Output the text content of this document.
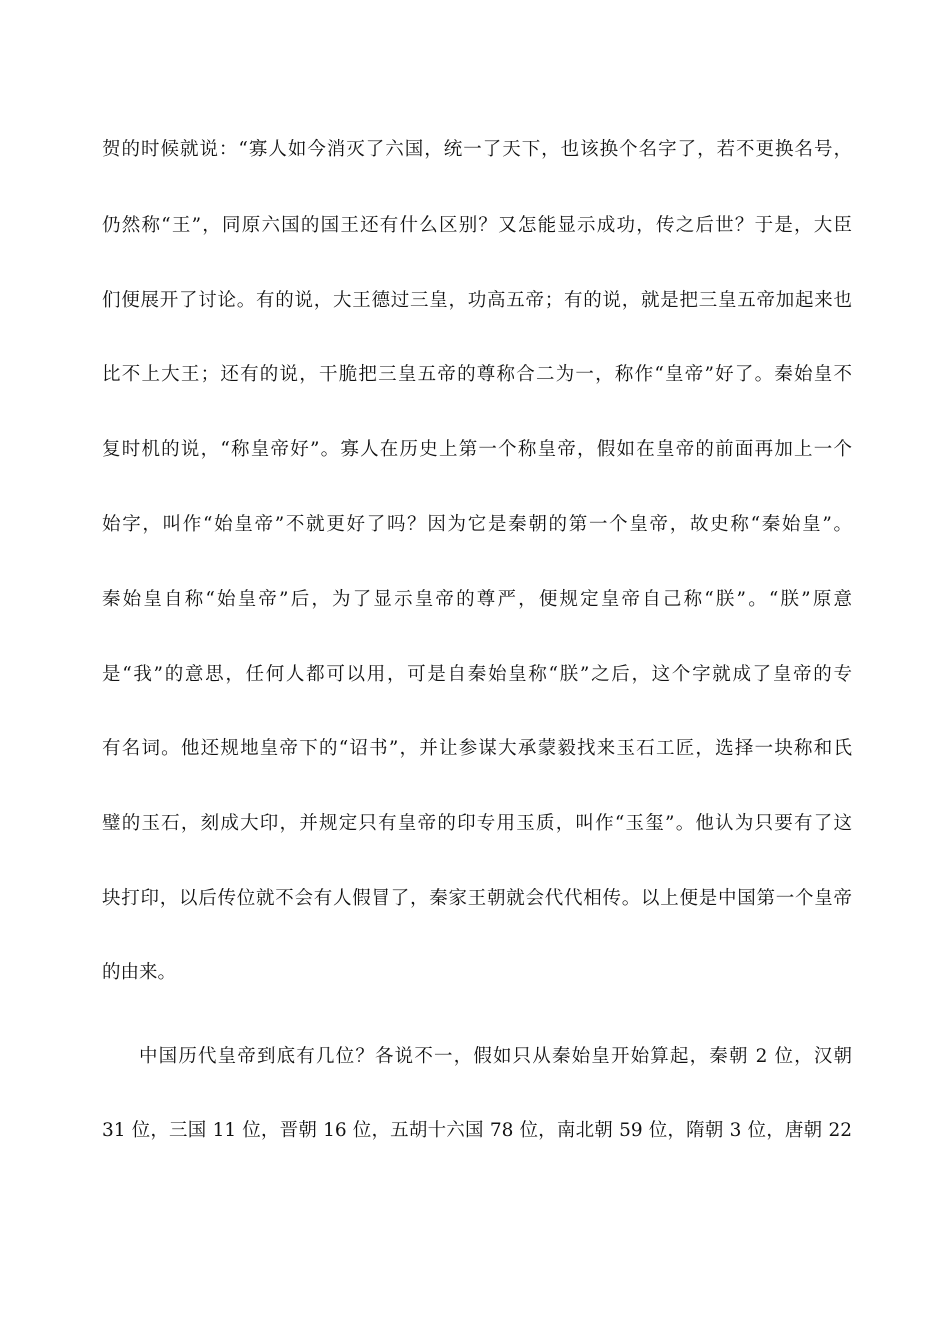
贺的时候就说：“寡人如今消灭了六国，统一了天下，也该换个名字了，若不更换名号，
仍然称“王”，同原六国的国王还有什么区别？又怎能显示成功，传之后世？于是，大臣
们便展开了讨论。有的说，大王德过三皇，功高五帝；有的说，就是把三皇五帝加起来也
比不上大王；还有的说，干脆把三皇五帝的尊称合二为一，称作“皇帝”好了。秦始皇不
复时机的说，“称皇帝好”。寡人在历史上第一个称皇帝，假如在皇帝的前面再加上一个
始字，叫作“始皇帝”不就更好了吗？因为它是秦朝的第一个皇帝，故史称“秦始皇”。
秦始皇自称“始皇帝”后，为了显示皇帝的尊严，便规定皇帝自己称“朕”。“朕”原意
是“我”的意思，任何人都可以用，可是自秦始皇称“朕”之后，这个字就成了皇帝的专
有名词。他还规地皇帝下的“诏书”，并让参谋大承蒙毅找来玉石工匠，选择一块称和氏
璧的玉石，刻成大印，并规定只有皇帝的印专用玉质，叫作“玉玺”。他认为只要有了这
块打印，以后传位就不会有人假冒了，秦家王朝就会代代相传。以上便是中国第一个皇帝
的由来。
中国历代皇帝到底有几位？各说不一，假如只从秦始皇开始算起，秦朝 2 位，汉朝
31 位，三国 11 位，晋朝 16 位，五胡十六国 78 位，南北朝 59 位，隋朝 3 位，唐朝 22
